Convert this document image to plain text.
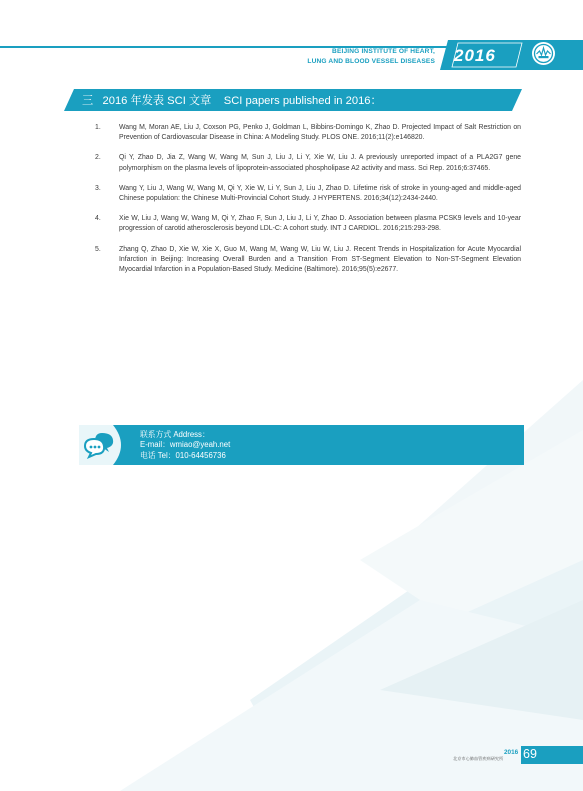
BEIJING INSTITUTE OF HEART,
LUNG AND BLOOD VESSEL DISEASES 2016
三   2016 年发表 SCI 文章    SCI papers published in 2016：
1.	Wang M, Moran AE, Liu J, Coxson PG, Penko J, Goldman L, Bibbins-Domingo K, Zhao D. Projected Impact of Salt Restriction on Prevention of Cardiovascular Disease in China: A Modeling Study. PLOS ONE. 2016;11(2):e146820.
2.	Qi Y, Zhao D, Jia Z, Wang W, Wang M, Sun J, Liu J, Li Y, Xie W, Liu J. A previously unreported impact of a PLA2G7 gene polymorphism on the plasma levels of lipoprotein-associated phospholipase A2 activity and mass. Sci Rep. 2016;6:37465.
3.	Wang Y, Liu J, Wang W, Wang M, Qi Y, Xie W, Li Y, Sun J, Liu J, Zhao D. Lifetime risk of stroke in young-aged and middle-aged Chinese population: the Chinese Multi-Provincial Cohort Study. J HYPERTENS. 2016;34(12):2434-2440.
4.	Xie W, Liu J, Wang W, Wang M, Qi Y, Zhao F, Sun J, Liu J, Li Y, Zhao D. Association between plasma PCSK9 levels and 10-year progression of carotid atherosclerosis beyond LDL-C: A cohort study. INT J CARDIOL. 2016;215:293-298.
5.	Zhang Q, Zhao D, Xie W, Xie X, Guo M, Wang M, Wang W, Liu W, Liu J. Recent Trends in Hospitalization for Acute Myocardial Infarction in Beijing: Increasing Overall Burden and a Transition From ST-Segment Elevation to Non-ST-Segment Elevation Myocardial Infarction in a Population-Based Study. Medicine (Baltimore). 2016;95(5):e2677.
联系方式 Address：
E-mail：wmiao@yeah.net
电话 Tel：010-64456736
2016
北京市心肺血管疾病研究所 69
